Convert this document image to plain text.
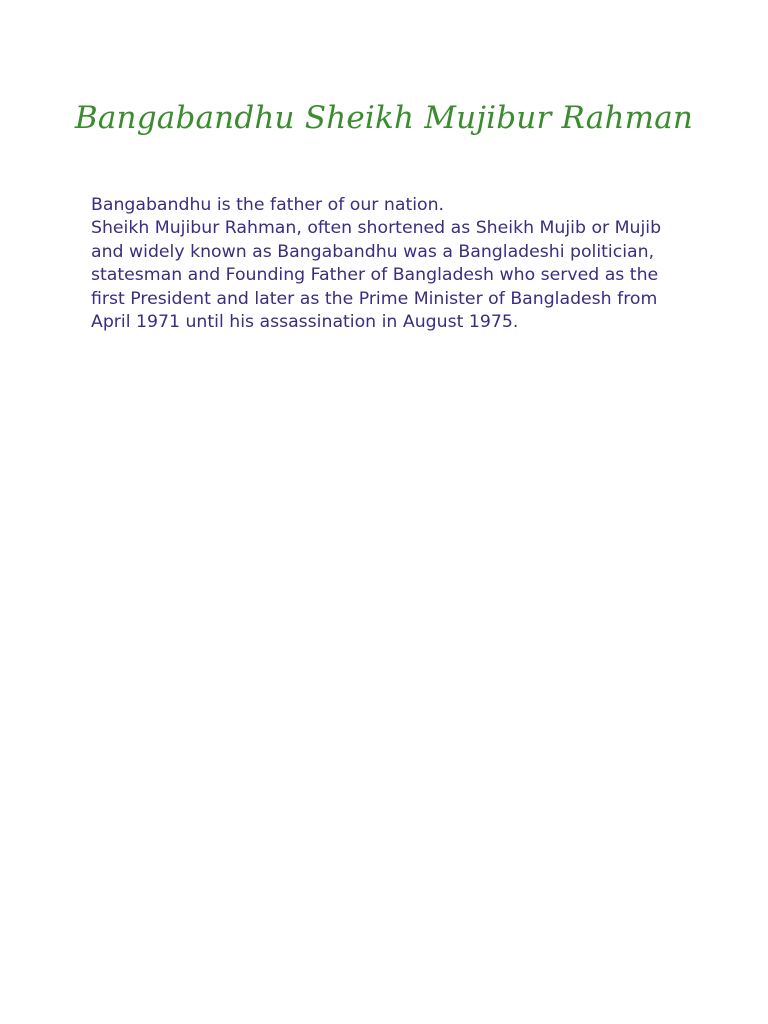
Bangabandhu Sheikh Mujibur Rahman

Bangabandhu is the father of our nation.

Sheikh Mujibur Rahman, often shortened as Sheikh Mujib or Mujib and widely known as Bangabandhu was a Bangladeshi politician, statesman and Founding Father of Bangladesh who served as the first President and later as the Prime Minister of Bangladesh from April 1971 until his assassination in August 1975.
